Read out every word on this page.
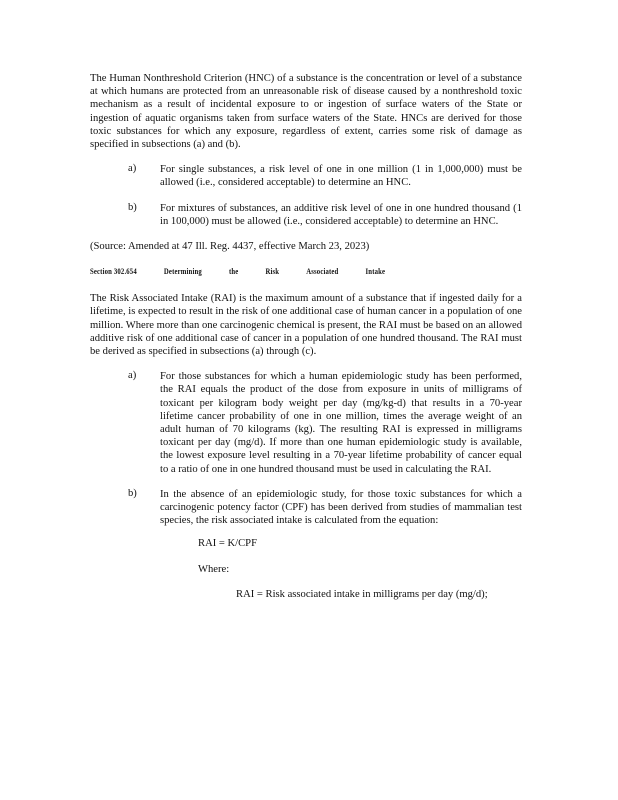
The Human Nonthreshold Criterion (HNC) of a substance is the concentration or level of a substance at which humans are protected from an unreasonable risk of disease caused by a nonthreshold toxic mechanism as a result of incidental exposure to or ingestion of surface waters of the State or ingestion of aquatic organisms taken from surface waters of the State. HNCs are derived for those toxic substances for which any exposure, regardless of extent, carries some risk of damage as specified in subsections (a) and (b).

a)	For single substances, a risk level of one in one million (1 in 1,000,000) must be allowed (i.e., considered acceptable) to determine an HNC.
b)	For mixtures of substances, an additive risk level of one in one hundred thousand (1 in 100,000) must be allowed (i.e., considered acceptable) to determine an HNC.

(Source: Amended at 47 Ill. Reg. 4437, effective March 23, 2023)

Section 302.654	Determining	the	Risk	Associated	Intake

The Risk Associated Intake (RAI) is the maximum amount of a substance that if ingested daily for a lifetime, is expected to result in the risk of one additional case of human cancer in a population of one million. Where more than one carcinogenic chemical is present, the RAI must be based on an allowed additive risk of one additional case of cancer in a population of one hundred thousand. The RAI must be derived as specified in subsections (a) through (c).

a)	For those substances for which a human epidemiologic study has been performed, the RAI equals the product of the dose from exposure in units of milligrams of toxicant per kilogram body weight per day (mg/kg-d) that results in a 70-year lifetime cancer probability of one in one million, times the average weight of an adult human of 70 kilograms (kg). The resulting RAI is expressed in milligrams toxicant per day (mg/d). If more than one human epidemiologic study is available, the lowest exposure level resulting in a 70-year lifetime probability of cancer equal to a ratio of one in one hundred thousand must be used in calculating the RAI.
b)	In the absence of an epidemiologic study, for those toxic substances for which a carcinogenic potency factor (CPF) has been derived from studies of mammalian test species, the risk associated intake is calculated from the equation:

RAI = K/CPF

Where:

RAI = Risk associated intake in milligrams per day (mg/d);
